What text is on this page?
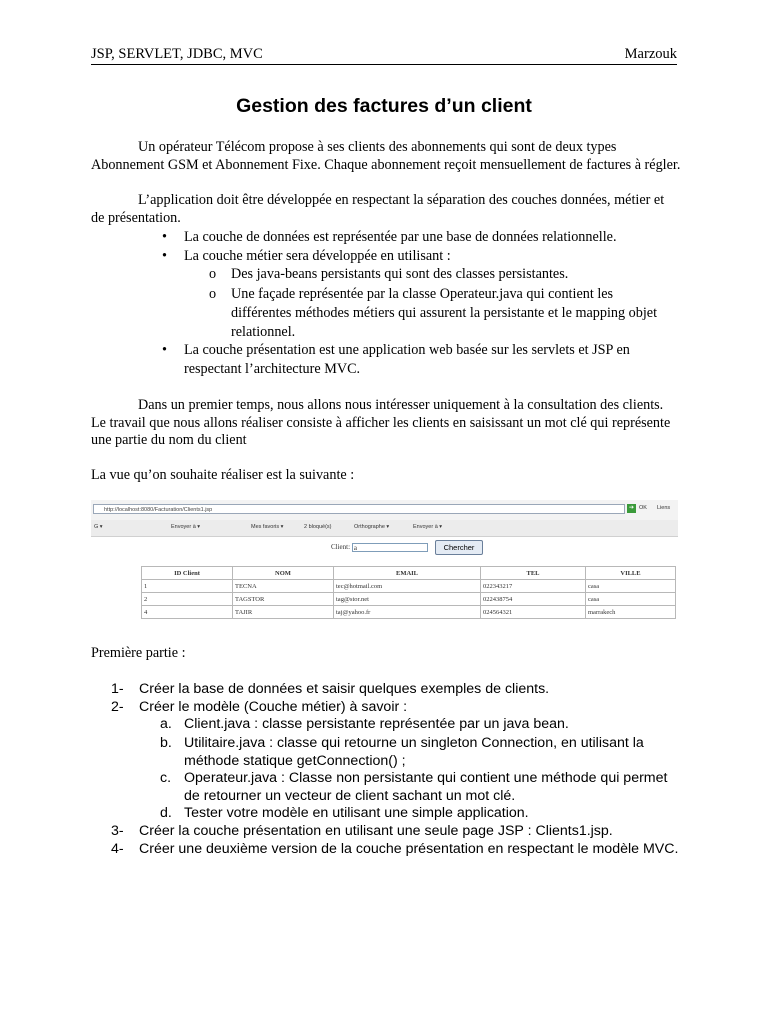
JSP, SERVLET, JDBC, MVC	Marzouk
Gestion des factures d’un client
Un opérateur Télécom propose à ses clients des abonnements qui sont de deux types Abonnement GSM et Abonnement Fixe. Chaque abonnement reçoit mensuellement de factures à régler.
L’application doit être développée en respectant la séparation des couches données, métier et de présentation.
• La couche de données est représentée par une base de données relationnelle.
• La couche métier sera développée en utilisant :
o Des java-beans persistants qui sont des classes persistantes.
o Une façade représentée par la classe Operateur.java qui contient les différentes méthodes métiers qui assurent la persistante et le mapping objet relationnel.
• La couche présentation est une application web basée sur les servlets et JSP en respectant l’architecture MVC.
Dans un premier temps, nous allons nous intéresser uniquement à la consultation des clients. Le travail que nous allons réaliser consiste à afficher les clients en saisissant un mot clé qui représente une partie du nom du client
La vue qu’on souhaite réaliser est la suivante :
http://localhost:8080/Facturation/Clients1.jsp	➔ OK Liens
G ▾	Envoyer à ▾	Mes favoris ▾	2 bloqué(s)	Orthographe ▾	Envoyer à ▾
Client: a	Chercher
ID Client	NOM	EMAIL	TEL	VILLE
1	TECNA	tec@hotmail.com	022343217	casa
2	TAGSTOR	tag@stor.net	022438754	casa
4	TAJIR	taj@yahoo.fr	024564321	marrakech
Première partie :
1- Créer la base de données et saisir quelques exemples de clients.
2- Créer le modèle (Couche métier) à savoir :
a. Client.java : classe persistante représentée par un java bean.
b. Utilitaire.java : classe qui retourne un singleton Connection, en utilisant la méthode statique getConnection() ;
c. Operateur.java : Classe non persistante qui contient une méthode qui permet de retourner un vecteur de client sachant un mot clé.
d. Tester votre modèle en utilisant une simple application.
3- Créer la couche présentation en utilisant une seule page JSP : Clients1.jsp.
4- Créer une deuxième version de la couche présentation en respectant le modèle MVC.
